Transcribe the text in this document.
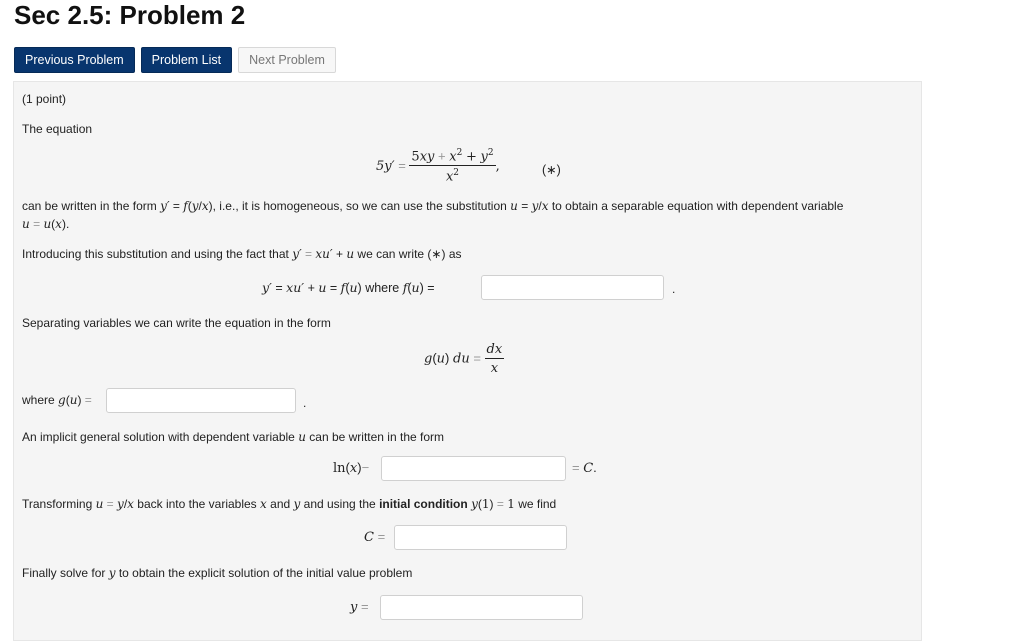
Sec 2.5: Problem 2
Previous Problem	Problem List	Next Problem
(1 point)
The equation
$5y' = \frac{5xy + x^2 + y^2}{x^2}$ ,	(∗)
can be written in the form y′ = f(y/x), i.e., it is homogeneous, so we can use the substitution u = y/x to obtain a separable equation with dependent variable
u = u(x).
Introducing this substitution and using the fact that y′ = xu′ + u we can write (∗) as
y′ = xu′ + u = f(u) where f(u) =	.
Separating variables we can write the equation in the form
g(u) du = $\frac{dx}{x}$
where g(u) =	.
An implicit general solution with dependent variable u can be written in the form
ln(x)−	= C.
Transforming u = y/x back into the variables x and y and using the initial condition y(1) = 1 we find
C =
Finally solve for y to obtain the explicit solution of the initial value problem
y =
